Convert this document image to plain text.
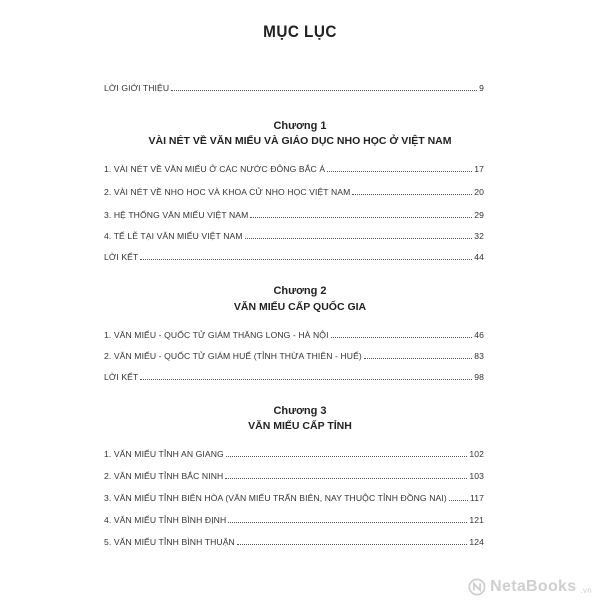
MỤC LỤC
LỜI GIỚI THIỆU	9
Chương 1
VÀI NÉT VỀ VĂN MIẾU VÀ GIÁO DỤC NHO HỌC Ở VIỆT NAM
1. VÀI NÉT VỀ VĂN MIẾU Ở CÁC NƯỚC ĐÔNG BẮC Á	17
2. VÀI NÉT VỀ NHO HỌC VÀ KHOA CỬ NHO HỌC VIỆT NAM	20
3. HỆ THỐNG VĂN MIẾU VIỆT NAM	29
4. TẾ LỄ TẠI VĂN MIẾU VIỆT NAM	32
LỜI KẾT	44
Chương 2
VĂN MIẾU CẤP QUỐC GIA
1. VĂN MIẾU - QUỐC TỬ GIÁM THĂNG LONG - HÀ NỘI	46
2. VĂN MIẾU - QUỐC TỬ GIÁM HUẾ (TỈNH THỪA THIÊN - HUẾ)	83
LỜI KẾT	98
Chương 3
VĂN MIẾU CẤP TỈNH
1. VĂN MIẾU TỈNH AN GIANG	102
2. VĂN MIẾU TỈNH BẮC NINH	103
3. VĂN MIẾU TỈNH BIÊN HÒA (VĂN MIẾU TRẤN BIÊN, NAY THUỘC TỈNH ĐỒNG NAI)	117
4. VĂN MIẾU TỈNH BÌNH ĐỊNH	121
5. VĂN MIẾU TỈNH BÌNH THUẬN	124
NetaBooks .vn
